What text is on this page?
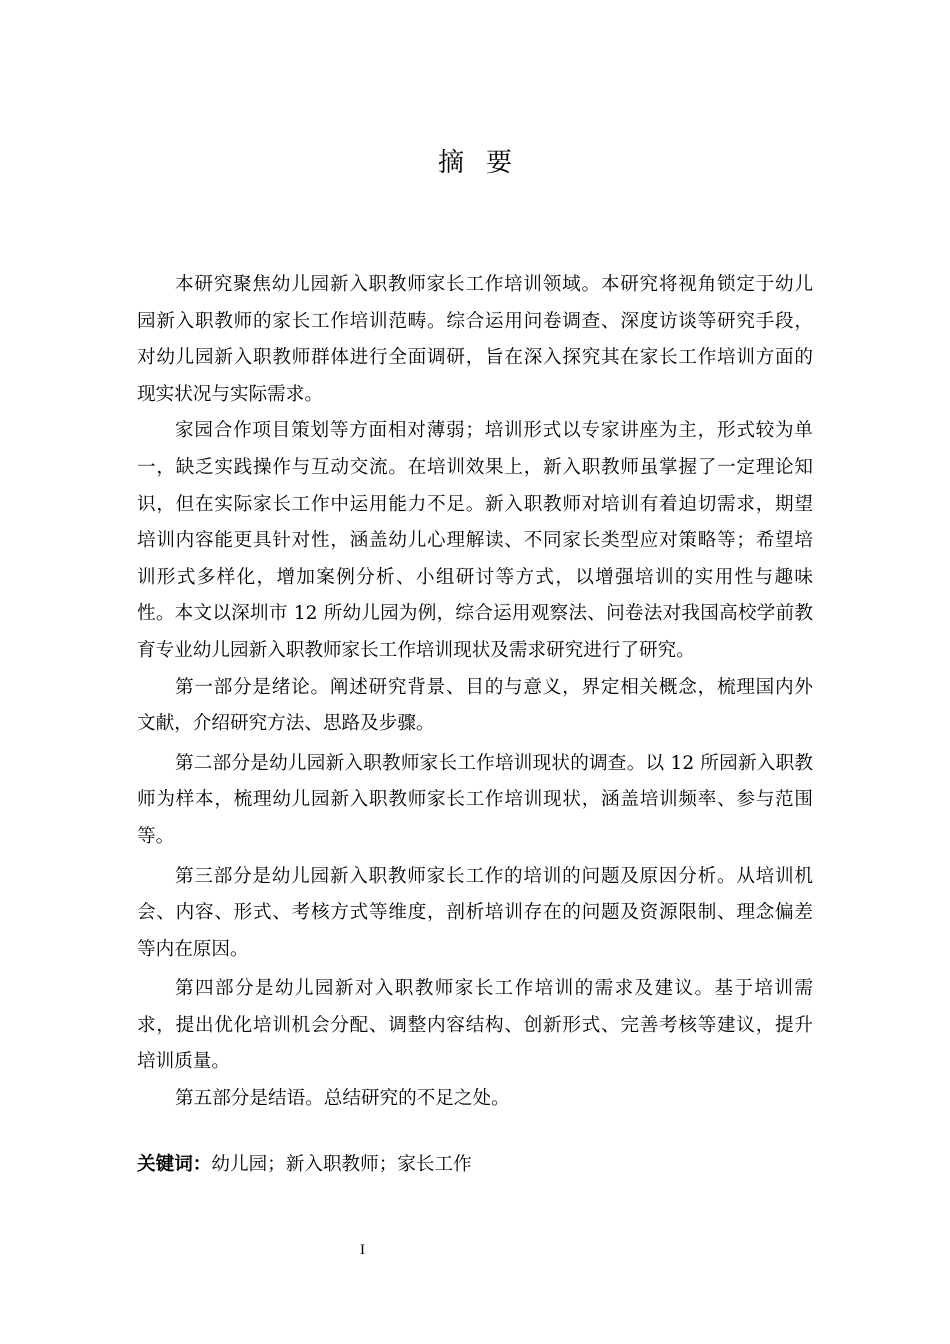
摘要
本研究聚焦幼儿园新入职教师家长工作培训领域。本研究将视角锁定于幼儿
园新入职教师的家长工作培训范畴。综合运用问卷调查、深度访谈等研究手段，
对幼儿园新入职教师群体进行全面调研，旨在深入探究其在家长工作培训方面的
现实状况与实际需求。
家园合作项目策划等方面相对薄弱；培训形式以专家讲座为主，形式较为单
一，缺乏实践操作与互动交流。在培训效果上，新入职教师虽掌握了一定理论知
识，但在实际家长工作中运用能力不足。新入职教师对培训有着迫切需求，期望
培训内容能更具针对性，涵盖幼儿心理解读、不同家长类型应对策略等；希望培
训形式多样化，增加案例分析、小组研讨等方式，以增强培训的实用性与趣味
性。本文以深圳市 12 所幼儿园为例，综合运用观察法、问卷法对我国高校学前教
育专业幼儿园新入职教师家长工作培训现状及需求研究进行了研究。
第一部分是绪论。阐述研究背景、目的与意义，界定相关概念，梳理国内外
文献，介绍研究方法、思路及步骤。
第二部分是幼儿园新入职教师家长工作培训现状的调查。以 12 所园新入职教
师为样本，梳理幼儿园新入职教师家长工作培训现状，涵盖培训频率、参与范围
等。
第三部分是幼儿园新入职教师家长工作的培训的问题及原因分析。从培训机
会、内容、形式、考核方式等维度，剖析培训存在的问题及资源限制、理念偏差
等内在原因。
第四部分是幼儿园新对入职教师家长工作培训的需求及建议。基于培训需
求，提出优化培训机会分配、调整内容结构、创新形式、完善考核等建议，提升
培训质量。
第五部分是结语。总结研究的不足之处。
关键词：幼儿园；新入职教师；家长工作
I
